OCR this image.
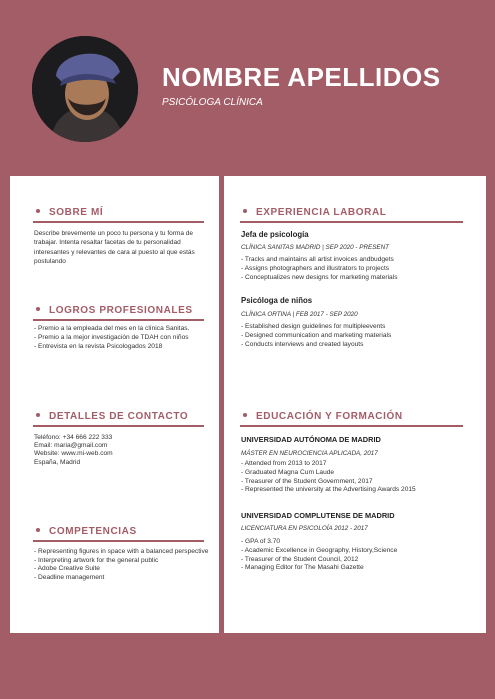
NOMBRE APELLIDOS
PSICÓLOGA CLÍNICA
SOBRE MÍ
Describe brevemente un poco tu persona y tu forma de trabajar. Intenta resaltar facetas de tu personalidad interesantes y relevantes de cara al puesto al que estás postulando
LOGROS PROFESIONALES
- Premio a la empleada del mes en la clínica Sanitas.
- Premio a la mejor investigación de TDAH con niños
- Entrevista en la revista Psicologados 2018
DETALLES DE CONTACTO
Teléfono: +34 666 222 333
Email: maria@gmail.com
Website: www.mi-web.com
España, Madrid
COMPETENCIAS
- Representing figures in space with a balanced perspective
- Interpreting artwork for the general public
- Adobe Creative Suite
- Deadline management
EXPERIENCIA LABORAL
Jefa de psicología
CLÍNICA SANITAS MADRID | SEP 2020 - PRESENT
- Tracks and maintains all artist invoices andbudgets
- Assigns photographers and illustrators to projects
- Conceptualizes new designs for marketing materials
Psicóloga de niños
CLÍNICA ORTINA | FEB 2017 - SEP 2020
- Established design guidelines for multipleevents
- Designed communication and marketing materials
- Conducts interviews and created layouts
EDUCACIÓN Y FORMACIÓN
UNIVERSIDAD AUTÓNOMA DE MADRID
MÁSTER EN NEUROCIENCIA APLICADA, 2017
- Attended from 2013 to 2017
- Graduated Magna Cum Laude
- Treasurer of the Student Government, 2017
- Represented the university at the Advertising Awards 2015
UNIVERSIDAD COMPLUTENSE DE MADRID
LICENCIATURA EN PSICOLOÍA 2012 - 2017
- GPA of 3.70
- Academic Excellence in Geography, History,Science
- Treasurer of the Student Council, 2012
- Managing Editor for The Masahi Gazette
